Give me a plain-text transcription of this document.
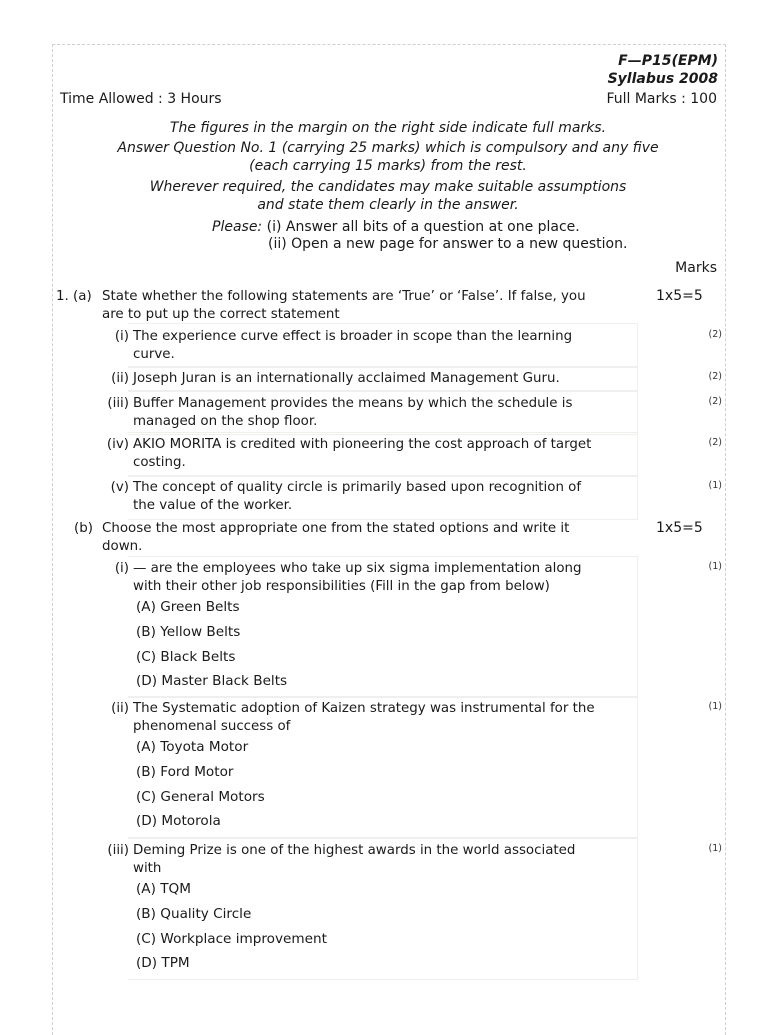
F—P15(EPM)
Syllabus 2008
Time Allowed : 3 Hours	Full Marks : 100
The figures in the margin on the right side indicate full marks.
Answer Question No. 1 (carrying 25 marks) which is compulsory and any five
(each carrying 15 marks) from the rest.
Wherever required, the candidates may make suitable assumptions
and state them clearly in the answer.
Please: (i) Answer all bits of a question at one place.
(ii) Open a new page for answer to a new question.
Marks
1. (a) State whether the following statements are ‘True’ or ‘False’. If false, you
are to put up the correct statement
1x5=5
(i) The experience curve effect is broader in scope than the learning
curve.
(2)
(ii) Joseph Juran is an internationally acclaimed Management Guru.	(2)
(iii) Buffer Management provides the means by which the schedule is
managed on the shop floor.
(2)
(iv) AKIO MORITA is credited with pioneering the cost approach of target
costing.
(2)
(v) The concept of quality circle is primarily based upon recognition of
the value of the worker.
(1)
(b) Choose the most appropriate one from the stated options and write it
down.
1x5=5
(i) — are the employees who take up six sigma implementation along
with their other job responsibilities (Fill in the gap from below)
(1)
(A) Green Belts
(B) Yellow Belts
(C) Black Belts
(D) Master Black Belts
(ii) The Systematic adoption of Kaizen strategy was instrumental for the
phenomenal success of
(1)
(A) Toyota Motor
(B) Ford Motor
(C) General Motors
(D) Motorola
(iii) Deming Prize is one of the highest awards in the world associated
with
(1)
(A) TQM
(B) Quality Circle
(C) Workplace improvement
(D) TPM
